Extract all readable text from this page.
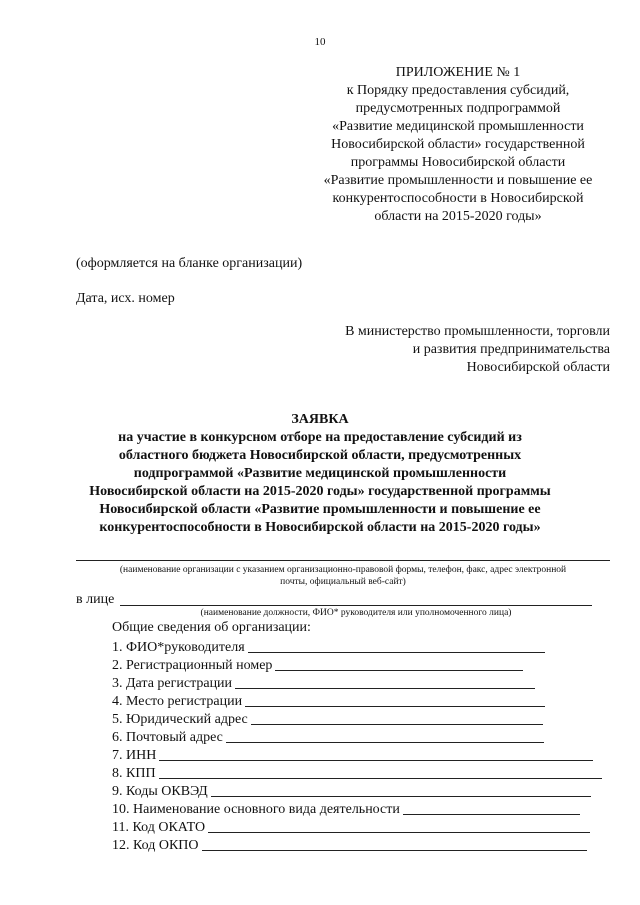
10
ПРИЛОЖЕНИЕ № 1
к Порядку предоставления субсидий,
предусмотренных подпрограммой
«Развитие медицинской промышленности
Новосибирской области» государственной
программы Новосибирской области
«Развитие промышленности и повышение ее
конкурентоспособности в Новосибирской
области на 2015-2020 годы»
(оформляется на бланке организации)
Дата, исх. номер
В министерство промышленности, торговли
и развития предпринимательства
Новосибирской области
ЗАЯВКА
на участие в конкурсном отборе на предоставление субсидий из
областного бюджета Новосибирской области, предусмотренных
подпрограммой «Развитие медицинской промышленности
Новосибирской области на 2015-2020 годы» государственной программы
Новосибирской области «Развитие промышленности и повышение ее
конкурентоспособности в Новосибирской области на 2015-2020 годы»
(наименование организации с указанием организационно-правовой формы, телефон, факс, адрес электронной
почты, официальный веб-сайт)
в лице
(наименование должности, ФИО* руководителя или уполномоченного лица)
Общие сведения об организации:
1. ФИО*руководителя
2. Регистрационный номер
3. Дата регистрации
4. Место регистрации
5. Юридический адрес
6. Почтовый адрес
7. ИНН
8. КПП
9. Коды ОКВЭД
10. Наименование основного вида деятельности
11. Код ОКАТО
12. Код ОКПО
